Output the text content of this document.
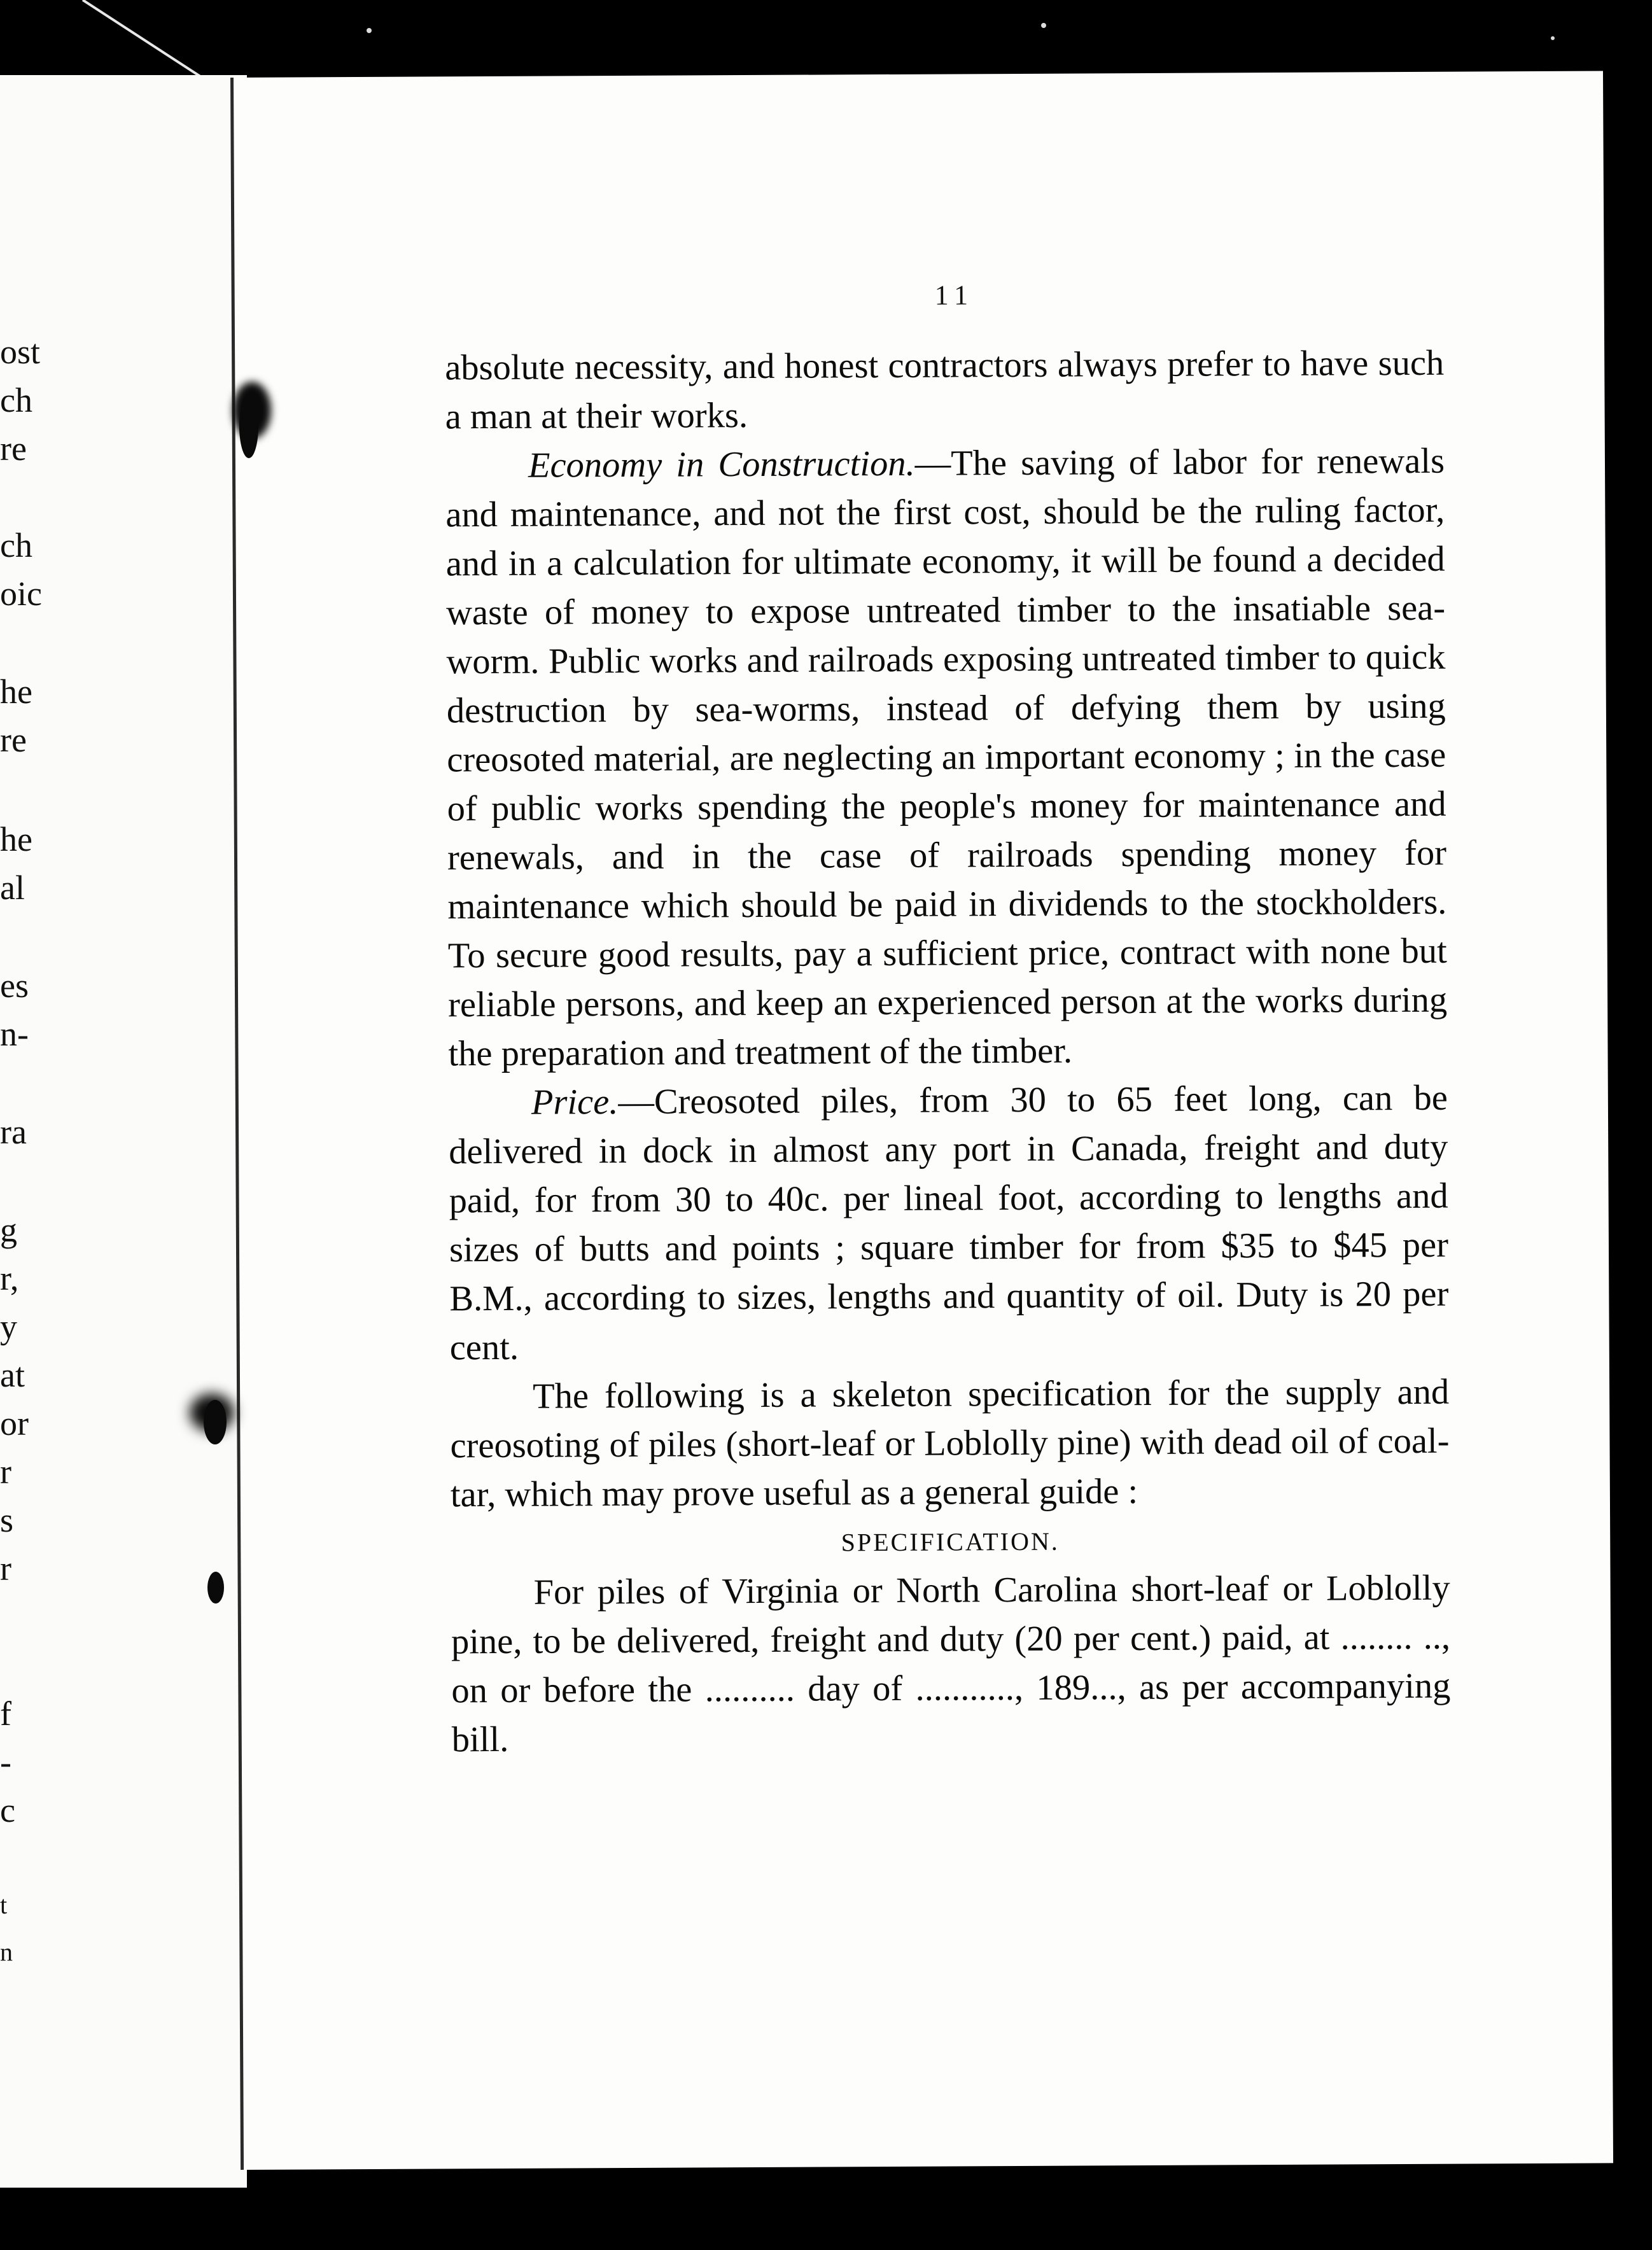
ost
ch
re
ch
oic
he
re
he
al
es
n-
ra
g
r,
y
at
or
r
s
r
f
-
c
t
n
11

absolute necessity, and honest contractors always prefer to have such a man at their works.

Economy in Construction.—The saving of labor for renewals and maintenance, and not the first cost, should be the ruling factor, and in a calculation for ultimate economy, it will be found a decided waste of money to expose untreated timber to the insatiable sea-worm. Public works and railroads exposing untreated timber to quick destruction by sea-worms, instead of defying them by using creosoted material, are neglecting an important economy ; in the case of public works spending the people's money for maintenance and renewals, and in the case of railroads spending money for maintenance which should be paid in dividends to the stockholders. To secure good results, pay a sufficient price, contract with none but reliable persons, and keep an experienced person at the works during the preparation and treatment of the timber.

Price.—Creosoted piles, from 30 to 65 feet long, can be delivered in dock in almost any port in Canada, freight and duty paid, for from 30 to 40c. per lineal foot, according to lengths and sizes of butts and points ; square timber for from $35 to $45 per B.M., according to sizes, lengths and quantity of oil. Duty is 20 per cent.

The following is a skeleton specification for the supply and creosoting of piles (short-leaf or Loblolly pine) with dead oil of coal-tar, which may prove useful as a general guide :

SPECIFICATION.

For piles of Virginia or North Carolina short-leaf or Loblolly pine, to be delivered, freight and duty (20 per cent.) paid, at ........ .., on or before the .......... day of ..........., 189..., as per accompanying bill.
